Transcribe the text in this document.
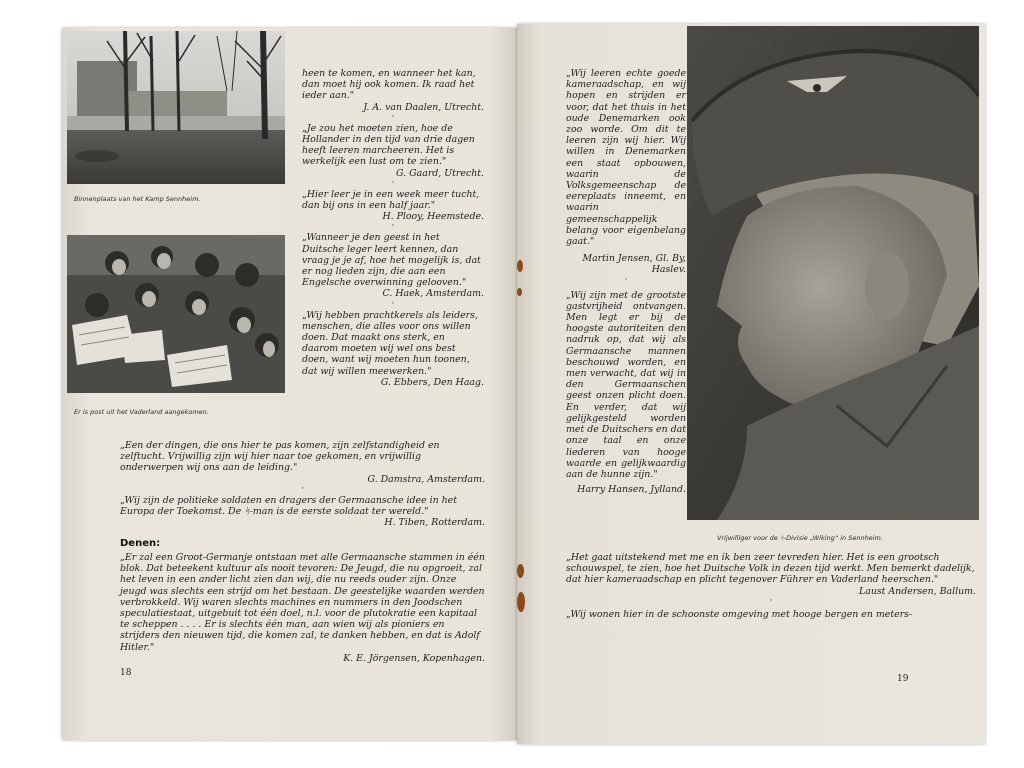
Binnenplaats van het Kamp Sennheim.
Er is post uit het Vaderland aangekomen.

heen te komen, en wanneer het kan, dan moet hij ook komen. Ik raad het ieder aan."

J. A. van Daalen, Utrecht.

·

„Je zou het moeten zien, hoe de Hollander in den tijd van drie dagen heeft leeren marcheeren. Het is werkelijk een lust om te zien."

G. Gaard, Utrecht.

·

„Hier leer je in een week meer tucht, dan bij ons in een half jaar."

H. Plooy, Heemstede.

·

„Wanneer je den geest in het Duitsche leger leert kennen, dan vraag je je af, hoe het mogelijk is, dat er nog lieden zijn, die aan een Engelsche overwinning gelooven."

C. Haek, Amsterdam.

·

„Wij hebben prachtkerels als leiders, menschen, die alles voor ons willen doen. Dat maakt ons sterk, en daarom moeten wij wel ons best doen, want wij moeten hun toonen, dat wij willen meewerken."

G. Ebbers, Den Haag.

„Een der dingen, die ons hier te pas komen, zijn zelfstandigheid en zelftucht. Vrijwillig zijn wij hier naar toe gekomen, en vrijwillig onderwerpen wij ons aan de leiding."

G. Damstra, Amsterdam.

·

„Wij zijn de politieke soldaten en dragers der Germaansche idee in het Europa der Toekomst. De ᛋ-man is de eerste soldaat ter wereld."

H. Tiben, Rotterdam.

Denen:

„Er zal een Groot-Germanje ontstaan met alle Germaansche stammen in één blok. Dat beteekent kultuur als nooit tevoren: De Jeugd, die nu opgroeit, zal het leven in een ander licht zien dan wij, die nu reeds ouder zijn. Onze jeugd was slechts een strijd om het bestaan. De geestelijke waarden werden verbrokkeld. Wij waren slechts machines en nummers in den Joodschen speculatiestaat, uitgebuit tot één doel, n.l. voor de plutokratie een kapitaal te scheppen . . . . Er is slechts één man, aan wien wij als pioniers en strijders den nieuwen tijd, die komen zal, te danken hebben, en dat is Adolf Hitler."

K. E. Jörgensen, Kopenhagen.

18

„Wij leeren echte goede kameraadschap, en wij hopen en strijden er voor, dat het thuis in het oude Denemarken ook zoo worde. Om dit te leeren zijn wij hier. Wij willen in Denemarken een staat opbouwen, waarin de Volksgemeenschap de eereplaats inneemt, en waarin gemeenschappelijk belang voor eigenbelang gaat."

Martin Jensen, Gl. By, Haslev.

·

„Wij zijn met de grootste gastvrijheid ontvangen. Men legt er bij de hoogste autoriteiten den nadruk op, dat wij als Germaansche mannen beschouwd worden, en men verwacht, dat wij in den Germaanschen geest onzen plicht doen. En verder, dat wij gelijkgesteld worden met de Duitschers en dat onze taal en onze liederen van hooge waarde en gelijkwaardig aan de hunne zijn."

Harry Hansen, Jylland.

Vrijwilliger voor de ᛋ-Divisie „Wiking“ in Sennheim.

„Het gaat uitstekend met me en ik ben zeer tevreden hier. Het is een grootsch schouwspel, te zien, hoe het Duitsche Volk in dezen tijd werkt. Men bemerkt dadelijk, dat hier kameraadschap en plicht tegenover Führer en Vaderland heerschen."

Laust Andersen, Ballum.

·

„Wij wonen hier in de schoonste omgeving met hooge bergen en meters-

19
